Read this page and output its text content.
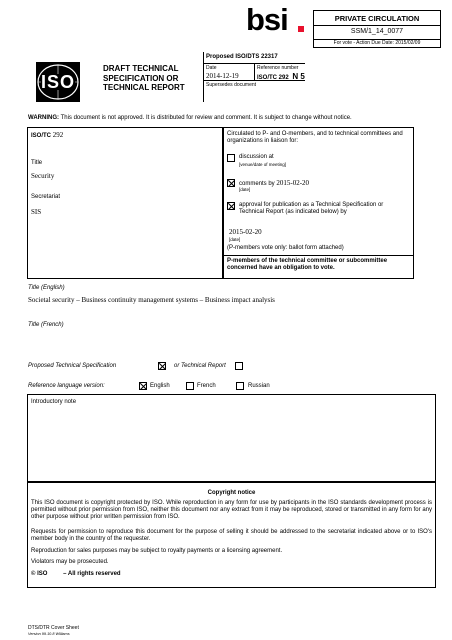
bsi	PRIVATE CIRCULATION
SSM/1_14_0077
For vote - Action Due Date: 2015/02/09
ISO
DRAFT TECHNICAL SPECIFICATION OR TECHNICAL REPORT
Proposed ISO/DTS 22317
Date
2014-12-19
Reference number
ISO/TC 292 N 5
Supersedes document
WARNING: This document is not approved. It is distributed for review and comment. It is subject to change without notice.
ISO/TC 292
Title
Security
Secretariat
SIS
Circulated to P- and O-members, and to technical committees and organizations in liaison for:
discussion at
[venue/date of meeting]
comments by 2015-02-20
[date]
approval for publication as a Technical Specification or Technical Report (as indicated below) by
2015-02-20
[date]
(P-members vote only: ballot form attached)
P-members of the technical committee or subcommittee concerned have an obligation to vote.
Title (English)
Societal security – Business continuity management systems – Business impact analysis
Title (French)
Proposed Technical Specification	or Technical Report
Reference language version:	English	French	Russian
Introductory note
Copyright notice
This ISO document is copyright protected by ISO. While reproduction in any form for use by participants in the ISO standards development process is permitted without prior permission from ISO, neither this document nor any extract from it may be reproduced, stored or transmitted in any form for any other purpose without prior written permission from ISO.
Requests for permission to reproduce this document for the purpose of selling it should be addressed to the secretariat indicated above or to ISO's member body in the country of the requester.
Reproduction for sales purposes may be subject to royalty payments or a licensing agreement.
Violators may be prosecuted.
© ISO	– All rights reserved
DTS/DTR Cover Sheet
Version 99.10.8 Williams
